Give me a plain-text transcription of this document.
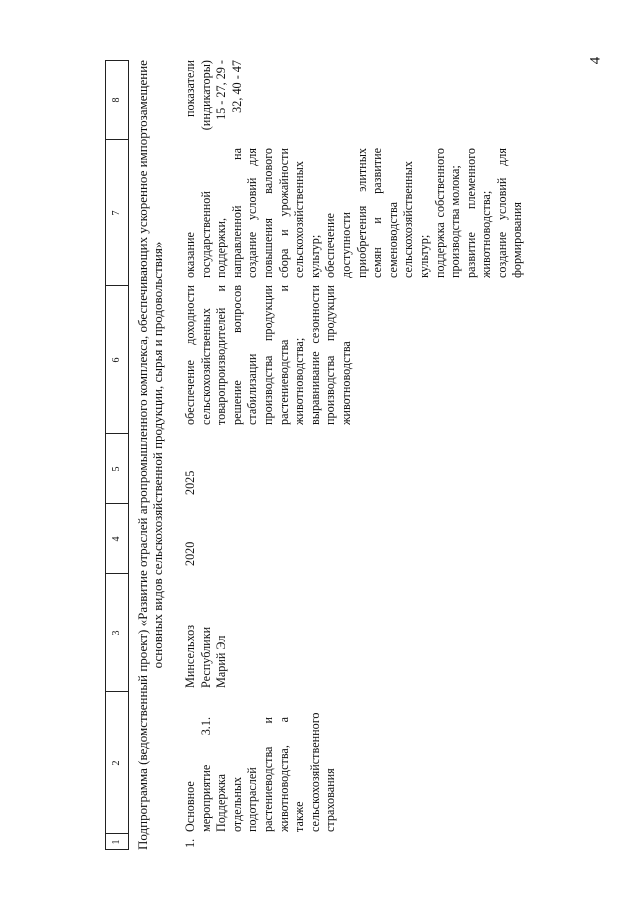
4
1
2
3
4
5
6
7
8	Подпрограмма (ведомственный проект) «Развитие отраслей агропромышленного комплекса, обеспечивающих ускоренное импортозамещение основных видов сельскохозяйственной продукции, сырья и продовольствия»
1.
Основное мероприятие 3.1. Поддержка отдельных подотраслей растениеводства и животноводства, а также сельскохозяйственного страхования
Минсельхоз Республики Марий Эл
2020
2025
обеспечение доходности сельскохозяйственных товаропроизводителей и решение вопросов стабилизации производства продукции растениеводства и животноводства; выравнивание сезонности производства продукции животноводства

оказание государственной поддержки, направленной на создание условий для повышения валового сбора и урожайности сельскохозяйственных культур; обеспечение доступности приобретения элитных семян и развитие семеноводства сельскохозяйственных культур; поддержка собственного производства молока; развитие племенного животноводства; создание условий для формирования

показатели (индикаторы) 15 - 27, 29 - 32, 40 - 47
